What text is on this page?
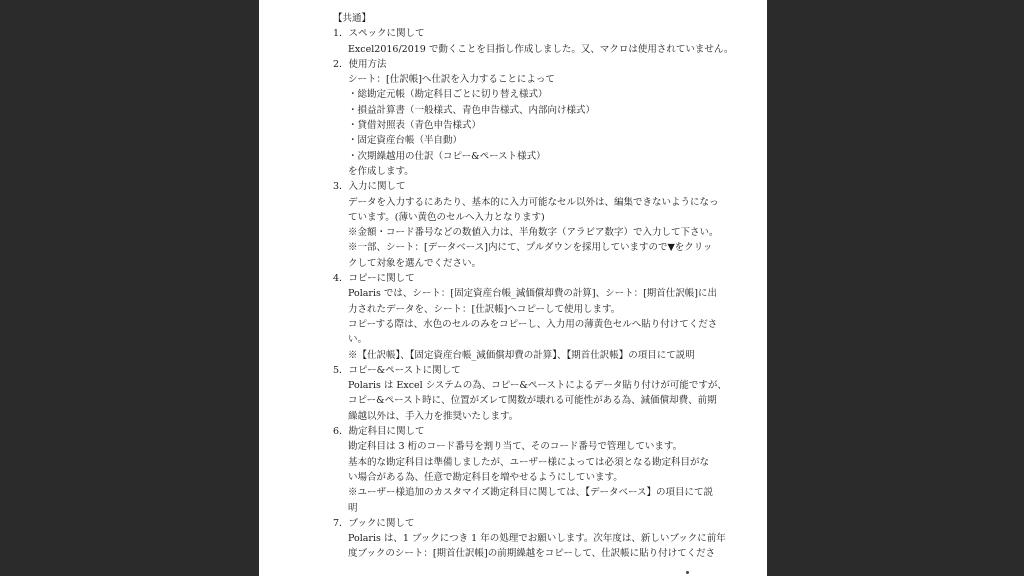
【共通】
1．スペックに関して
Excel2016/2019 で動くことを目指し作成しました。又、マクロは使用されていません。
2．使用方法
シート：[仕訳帳]へ仕訳を入力することによって
・総勘定元帳（勘定科目ごとに切り替え様式）
・損益計算書（一般様式、青色申告様式、内部向け様式）
・貸借対照表（青色申告様式）
・固定資産台帳（半自動）
・次期繰越用の仕訳（コピー&ペースト様式）
を作成します。
3．入力に関して
データを入力するにあたり、基本的に入力可能なセル以外は、編集できないようになっ
ています。(薄い黄色のセルへ入力となります)
※金額・コード番号などの数値入力は、半角数字（アラビア数字）で入力して下さい。
※一部、シート：[データベース]内にて、プルダウンを採用していますので▼をクリッ
クして対象を選んでください。
4．コピーに関して
Polaris では、シート：[固定資産台帳_減価償却費の計算]、シート：[期首仕訳帳]に出
力されたデータを、シート：[仕訳帳]へコピーして使用します。
コピーする際は、水色のセルのみをコピーし、入力用の薄黄色セルへ貼り付けてくださ
い。
※【仕訳帳】、【固定資産台帳_減価償却費の計算】、【期首仕訳帳】の項目にて説明
5．コピー&ペーストに関して
Polaris は Excel システムの為、コピー&ペーストによるデータ貼り付けが可能ですが、
コピー&ペースト時に、位置がズレて関数が壊れる可能性がある為、減価償却費、前期
繰越以外は、手入力を推奨いたします。
6．勘定科目に関して
勘定科目は 3 桁のコード番号を割り当て、そのコード番号で管理しています。
基本的な勘定科目は準備しましたが、ユーザー様によっては必須となる勘定科目がな
い場合がある為、任意で勘定科目を増やせるようにしています。
※ユーザー様追加のカスタマイズ勘定科目に関しては、【データベース】の項目にて説
明
7．ブックに関して
Polaris は、1 ブックにつき 1 年の処理でお願いします。次年度は、新しいブックに前年
度ブックのシート：[期首仕訳帳]の前期繰越をコピーして、仕訳帳に貼り付けてくださ
